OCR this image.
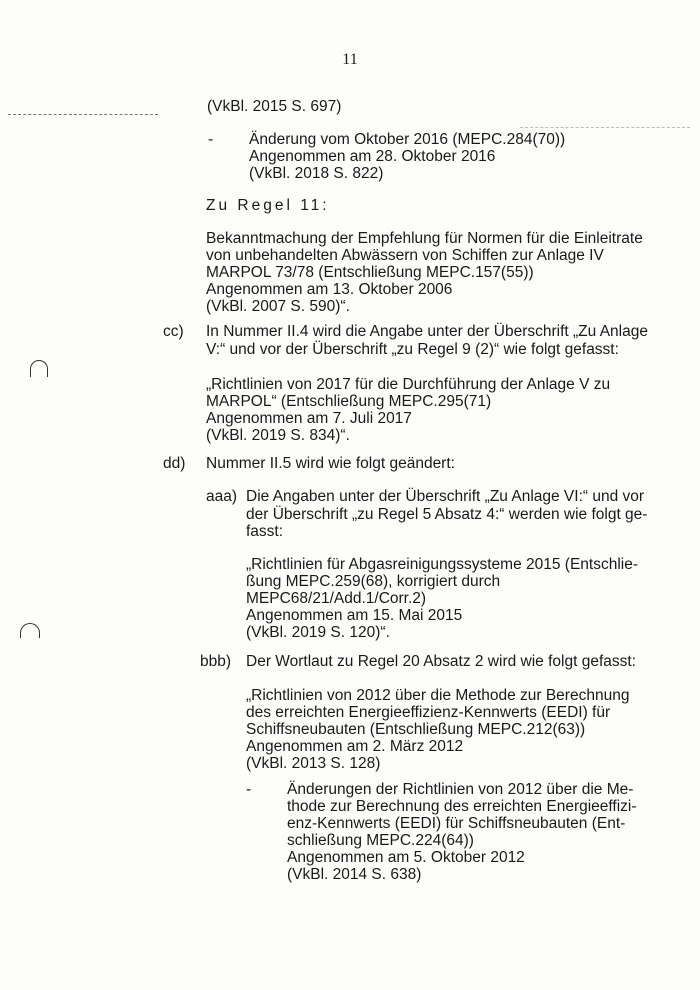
11
(VkBl. 2015 S. 697)
- Änderung vom Oktober 2016 (MEPC.284(70))
Angenommen am 28. Oktober 2016
(VkBl. 2018 S. 822)
Zu Regel 11:
Bekanntmachung der Empfehlung für Normen für die Einleitrate
von unbehandelten Abwässern von Schiffen zur Anlage IV
MARPOL 73/78 (Entschließung MEPC.157(55))
Angenommen am 13. Oktober 2006
(VkBl. 2007 S. 590)“.
cc) In Nummer II.4 wird die Angabe unter der Überschrift „Zu Anlage
V:“ und vor der Überschrift „zu Regel 9 (2)“ wie folgt gefasst:
„Richtlinien von 2017 für die Durchführung der Anlage V zu
MARPOL“ (Entschließung MEPC.295(71)
Angenommen am 7. Juli 2017
(VkBl. 2019 S. 834)“.
dd) Nummer II.5 wird wie folgt geändert:
aaa) Die Angaben unter der Überschrift „Zu Anlage VI:“ und vor
der Überschrift „zu Regel 5 Absatz 4:“ werden wie folgt ge-
fasst:
„Richtlinien für Abgasreinigungssysteme 2015 (Entschlie-
ßung MEPC.259(68), korrigiert durch
MEPC68/21/Add.1/Corr.2)
Angenommen am 15. Mai 2015
(VkBl. 2019 S. 120)“.
bbb) Der Wortlaut zu Regel 20 Absatz 2 wird wie folgt gefasst:
„Richtlinien von 2012 über die Methode zur Berechnung
des erreichten Energieeffizienz-Kennwerts (EEDI) für
Schiffsneubauten (Entschließung MEPC.212(63))
Angenommen am 2. März 2012
(VkBl. 2013 S. 128)
- Änderungen der Richtlinien von 2012 über die Me-
thode zur Berechnung des erreichten Energieeffizi-
enz-Kennwerts (EEDI) für Schiffsneubauten (Ent-
schließung MEPC.224(64))
Angenommen am 5. Oktober 2012
(VkBl. 2014 S. 638)
